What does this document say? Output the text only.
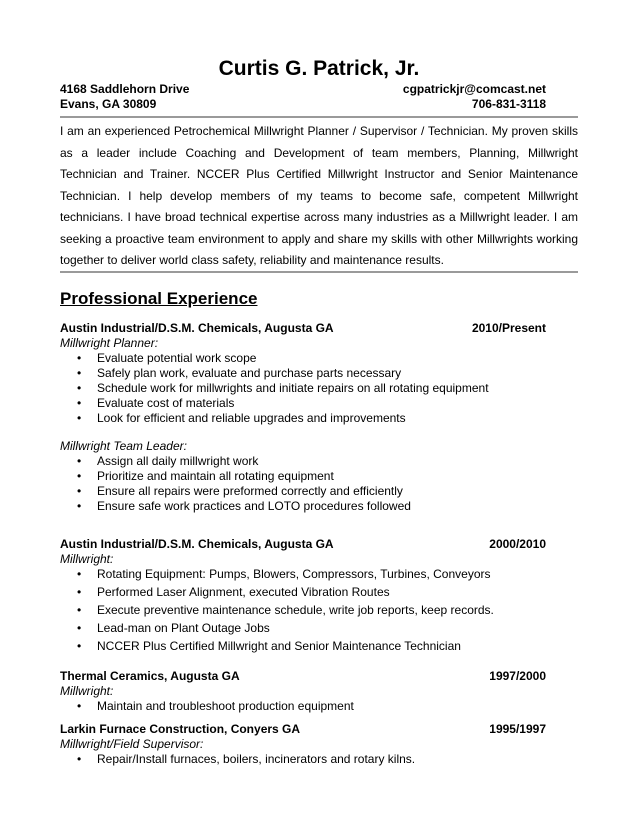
Curtis G. Patrick, Jr.
4168 Saddlehorn Drive	cgpatrickjr@comcast.net
Evans, GA 30809	706-831-3118
I am an experienced Petrochemical Millwright Planner / Supervisor / Technician. My proven skills as a leader include Coaching and Development of team members, Planning, Millwright Technician and Trainer. NCCER Plus Certified Millwright Instructor and Senior Maintenance Technician. I help develop members of my teams to become safe, competent Millwright technicians. I have broad technical expertise across many industries as a Millwright leader. I am seeking a proactive team environment to apply and share my skills with other Millwrights working together to deliver world class safety, reliability and maintenance results.
Professional Experience
Austin Industrial/D.S.M. Chemicals, Augusta GA	2010/Present
Millwright Planner:
• Evaluate potential work scope
• Safely plan work, evaluate and purchase parts necessary
• Schedule work for millwrights and initiate repairs on all rotating equipment
• Evaluate cost of materials
• Look for efficient and reliable upgrades and improvements
Millwright Team Leader:
• Assign all daily millwright work
• Prioritize and maintain all rotating equipment
• Ensure all repairs were preformed correctly and efficiently
• Ensure safe work practices and LOTO procedures followed
Austin Industrial/D.S.M. Chemicals, Augusta GA	2000/2010
Millwright:
• Rotating Equipment: Pumps, Blowers, Compressors, Turbines, Conveyors
• Performed Laser Alignment, executed Vibration Routes
• Execute preventive maintenance schedule, write job reports, keep records.
• Lead-man on Plant Outage Jobs
• NCCER Plus Certified Millwright and Senior Maintenance Technician
Thermal Ceramics, Augusta GA	1997/2000
Millwright:
• Maintain and troubleshoot production equipment
Larkin Furnace Construction, Conyers GA	1995/1997
Millwright/Field Supervisor:
• Repair/Install furnaces, boilers, incinerators and rotary kilns.
